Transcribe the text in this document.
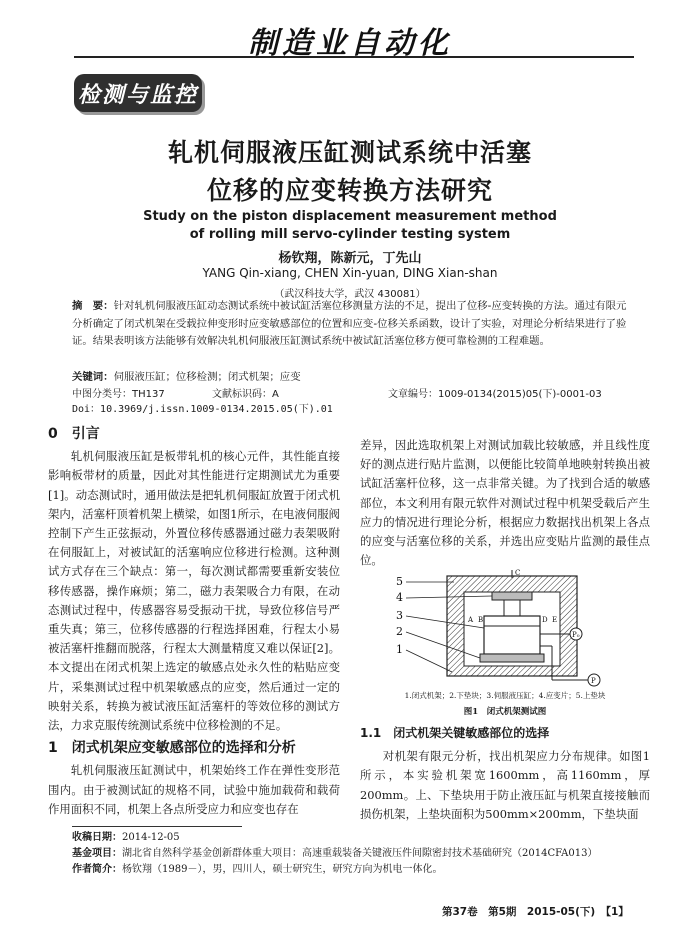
制造业自动化
检测与监控
轧机伺服液压缸测试系统中活塞
位移的应变转换方法研究
Study on the piston displacement measurement method
of rolling mill servo-cylinder testing system
杨钦翔，陈新元，丁先山
YANG Qin-xiang, CHEN Xin-yuan, DING Xian-shan
（武汉科技大学，武汉 430081）
摘　要：针对轧机伺服液压缸动态测试系统中被试缸活塞位移测量方法的不足，提出了位移-应变转换的方法。通过有限元分析确定了闭式机架在受载拉伸变形时应变敏感部位的位置和应变-位移关系函数，设计了实验，对理论分析结果进行了验证。结果表明该方法能够有效解决轧机伺服液压缸测试系统中被试缸活塞位移方便可靠检测的工程难题。
关键词：伺服液压缸；位移检测；闭式机架；应变
中图分类号：TH137	文献标识码：A	文章编号：1009-0134(2015)05(下)-0001-03
Doi：10.3969/j.issn.1009-0134.2015.05(下).01
0　引言

轧机伺服液压缸是板带轧机的核心元件，其性能直接影响板带材的质量，因此对其性能进行定期测试尤为重要[1]。动态测试时，通用做法是把轧机伺服缸放置于闭式机架内，活塞杆顶着机架上横梁，如图1所示，在电液伺服阀控制下产生正弦振动，外置位移传感器通过磁力表架吸附在伺服缸上，对被试缸的活塞响应位移进行检测。这种测试方式存在三个缺点：第一，每次测试都需要重新安装位移传感器，操作麻烦；第二，磁力表架吸合力有限，在动态测试过程中，传感器容易受振动干扰，导致位移信号严重失真；第三，位移传感器的行程选择困难，行程太小易被活塞杆推翻而脱落，行程太大测量精度又难以保证[2]。本文提出在闭式机架上选定的敏感点处永久性的粘贴应变片，采集测试过程中机架敏感点的应变，然后通过一定的映射关系，转换为被试液压缸活塞杆的等效位移的测试方法，力求克服传统测试系统中位移检测的不足。

1　闭式机架应变敏感部位的选择和分析

轧机伺服液压缸测试中，机架始终工作在弹性变形范围内。由于被测试缸的规格不同，试验中施加载荷和载荷作用面积不同，机架上各点所受应力和应变也存在

差异，因此选取机架上对测试加载比较敏感，并且线性度好的测点进行贴片监测，以便能比较简单地映射转换出被试缸活塞杆位移，这一点非常关键。为了找到合适的敏感部位，本文利用有限元软件对测试过程中机架受载后产生应力的情况进行理论分析，根据应力数据找出机架上各点的应变与活塞位移的关系，并选出应变贴片监测的最佳点位。

5
4
3
2
1
A B
C
D E
P₀
P
1.闭式机架；2.下垫块；3.伺服液压缸；4.应变片；5.上垫块
图1　闭式机架测试图
1.1　闭式机架关键敏感部位的选择

对机架有限元分析，找出机架应力分布规律。如图1所示，本实验机架宽1600mm，高1160mm，厚200mm。上、下垫块用于防止液压缸与机架直接接触而损伤机架，上垫块面积为500mm×200mm，下垫块面

收稿日期：2014-12-05
基金项目：湖北省自然科学基金创新群体重大项目：高速重载装备关键液压件间隙密封技术基础研究（2014CFA013）
作者简介：杨钦翔（1989－），男，四川人，硕士研究生，研究方向为机电一体化。
第37卷　第5期　2015-05(下)　【1】
